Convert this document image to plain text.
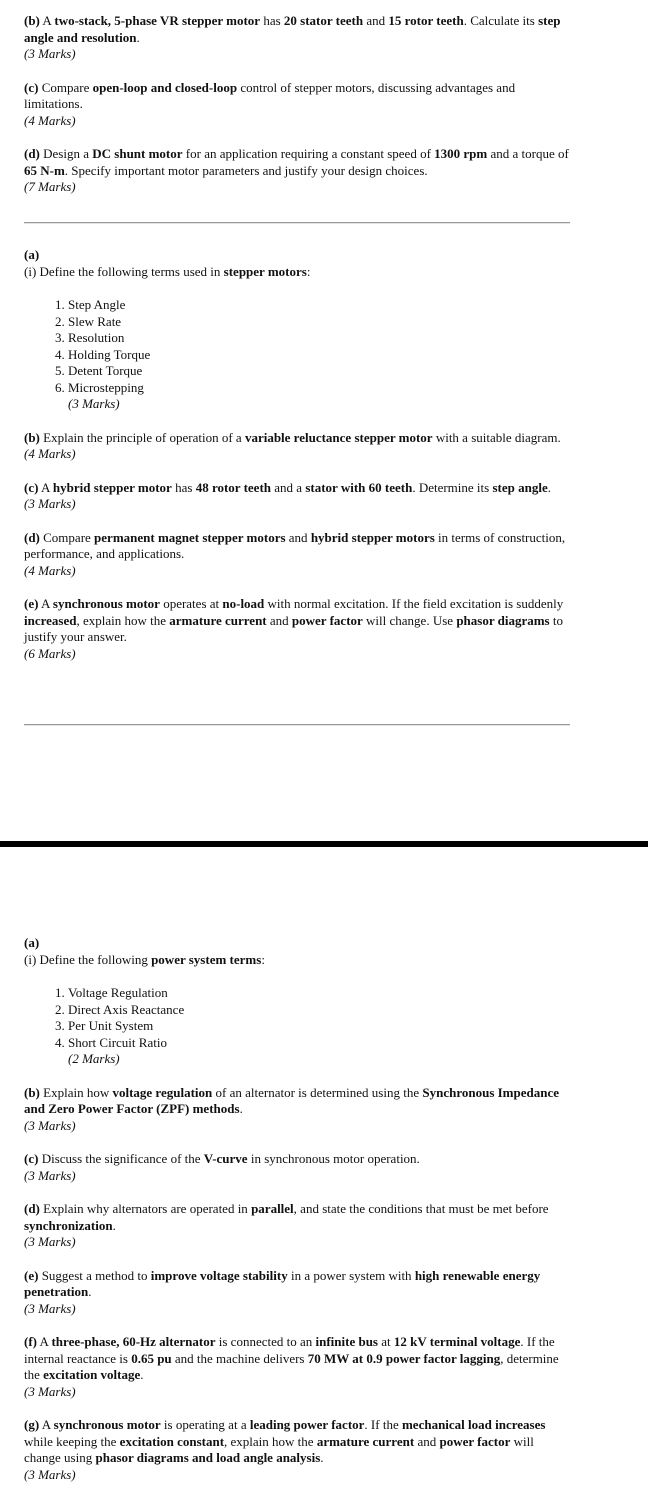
(b) A two-stack, 5-phase VR stepper motor has 20 stator teeth and 15 rotor teeth. Calculate its step angle and resolution.

(3 Marks)

(c) Compare open-loop and closed-loop control of stepper motors, discussing advantages and limitations.

(4 Marks)

(d) Design a DC shunt motor for an application requiring a constant speed of 1300 rpm and a torque of 65 N-m. Specify important motor parameters and justify your design choices.

(7 Marks)

(a)

(i) Define the following terms used in stepper motors:

1. Step Angle
2. Slew Rate
3. Resolution
4. Holding Torque
5. Detent Torque
6. Microstepping
(3 Marks)

(b) Explain the principle of operation of a variable reluctance stepper motor with a suitable diagram.

(4 Marks)

(c) A hybrid stepper motor has 48 rotor teeth and a stator with 60 teeth. Determine its step angle.

(3 Marks)

(d) Compare permanent magnet stepper motors and hybrid stepper motors in terms of construction, performance, and applications.

(4 Marks)

(e) A synchronous motor operates at no-load with normal excitation. If the field excitation is suddenly increased, explain how the armature current and power factor will change. Use phasor diagrams to justify your answer.

(6 Marks)

(a)

(i) Define the following power system terms:

1. Voltage Regulation
2. Direct Axis Reactance
3. Per Unit System
4. Short Circuit Ratio
(2 Marks)

(b) Explain how voltage regulation of an alternator is determined using the Synchronous Impedance and Zero Power Factor (ZPF) methods.

(3 Marks)

(c) Discuss the significance of the V-curve in synchronous motor operation.

(3 Marks)

(d) Explain why alternators are operated in parallel, and state the conditions that must be met before synchronization.

(3 Marks)

(e) Suggest a method to improve voltage stability in a power system with high renewable energy penetration.

(3 Marks)

(f) A three-phase, 60-Hz alternator is connected to an infinite bus at 12 kV terminal voltage. If the internal reactance is 0.65 pu and the machine delivers 70 MW at 0.9 power factor lagging, determine the excitation voltage.

(3 Marks)

(g) A synchronous motor is operating at a leading power factor. If the mechanical load increases while keeping the excitation constant, explain how the armature current and power factor will change using phasor diagrams and load angle analysis.

(3 Marks)
